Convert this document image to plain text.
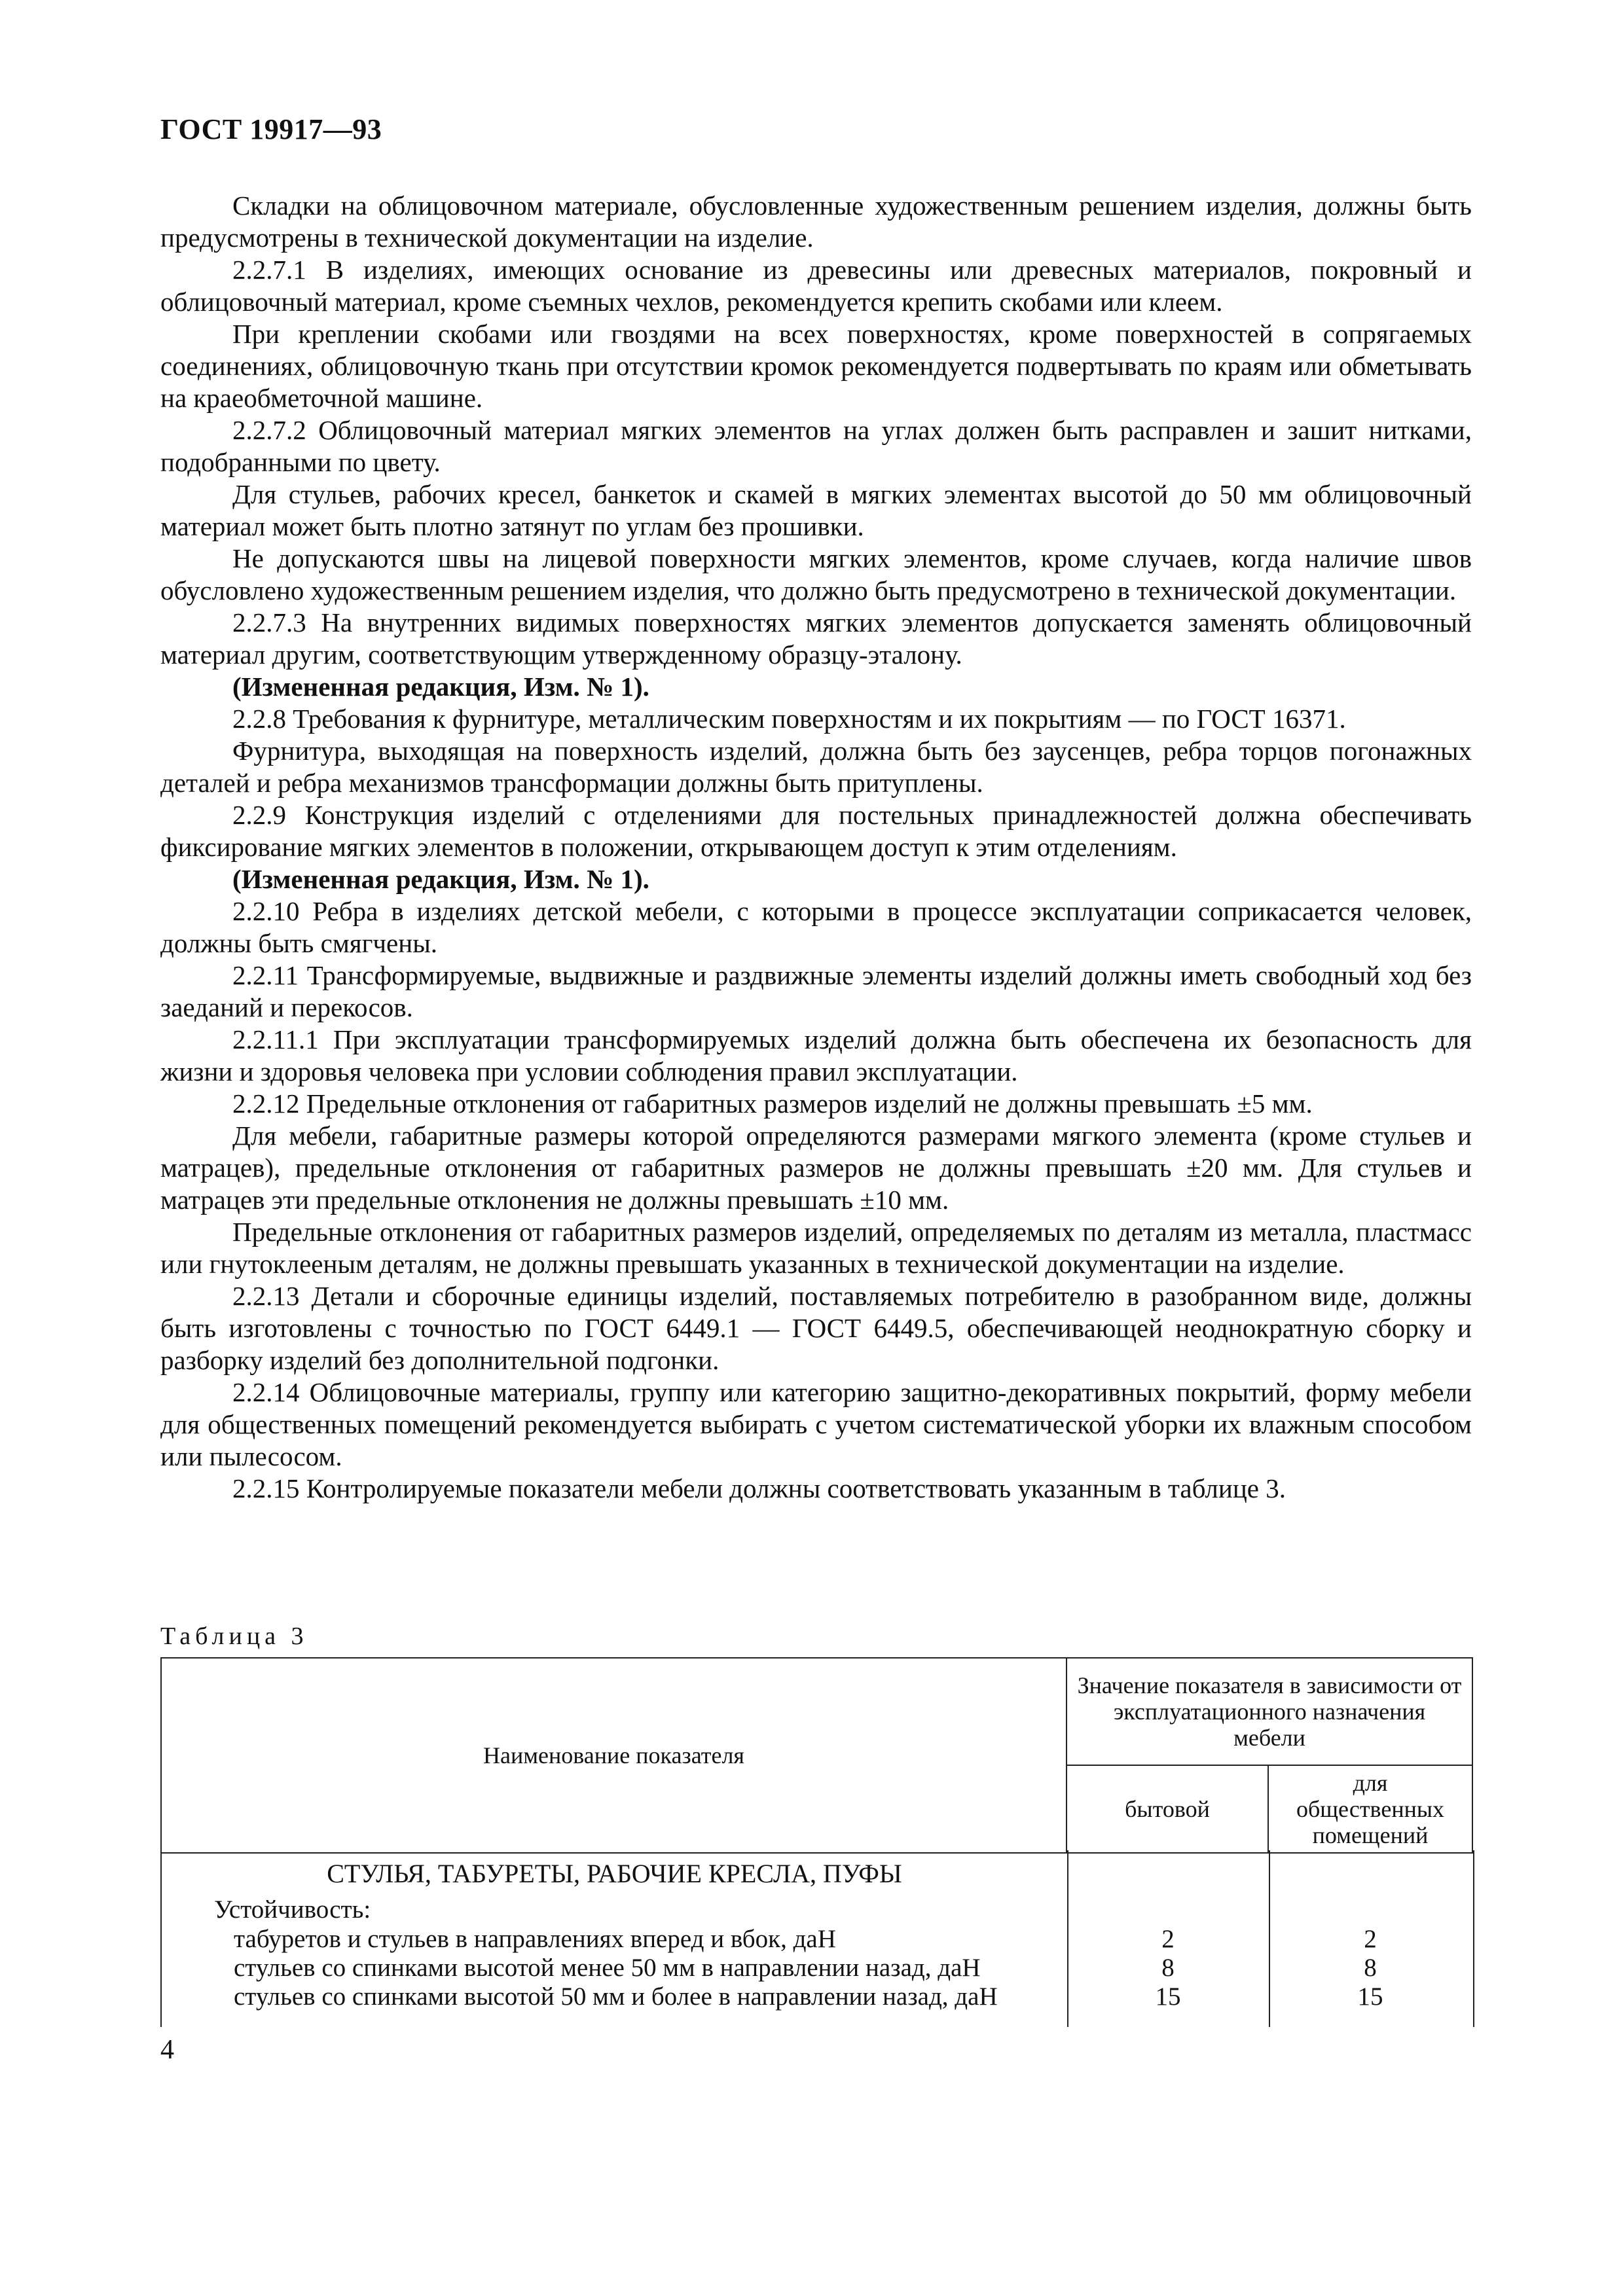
ГОСТ 19917—93

Складки на облицовочном материале, обусловленные художественным решением изделия, должны быть предусмотрены в технической документации на изделие.

2.2.7.1 В изделиях, имеющих основание из древесины или древесных материалов, покровный и облицовочный материал, кроме съемных чехлов, рекомендуется крепить скобами или клеем.

При креплении скобами или гвоздями на всех поверхностях, кроме поверхностей в сопрягаемых соединениях, облицовочную ткань при отсутствии кромок рекомендуется подвертывать по краям или обметывать на краеобметочной машине.

2.2.7.2 Облицовочный материал мягких элементов на углах должен быть расправлен и зашит нитками, подобранными по цвету.

Для стульев, рабочих кресел, банкеток и скамей в мягких элементах высотой до 50 мм облицовочный материал может быть плотно затянут по углам без прошивки.

Не допускаются швы на лицевой поверхности мягких элементов, кроме случаев, когда наличие швов обусловлено художественным решением изделия, что должно быть предусмотрено в технической документации.

2.2.7.3 На внутренних видимых поверхностях мягких элементов допускается заменять облицовочный материал другим, соответствующим утвержденному образцу-эталону.

(Измененная редакция, Изм. № 1).

2.2.8 Требования к фурнитуре, металлическим поверхностям и их покрытиям — по ГОСТ 16371.

Фурнитура, выходящая на поверхность изделий, должна быть без заусенцев, ребра торцов погонажных деталей и ребра механизмов трансформации должны быть притуплены.

2.2.9 Конструкция изделий с отделениями для постельных принадлежностей должна обеспечивать фиксирование мягких элементов в положении, открывающем доступ к этим отделениям.

(Измененная редакция, Изм. № 1).

2.2.10 Ребра в изделиях детской мебели, с которыми в процессе эксплуатации соприкасается человек, должны быть смягчены.

2.2.11 Трансформируемые, выдвижные и раздвижные элементы изделий должны иметь свободный ход без заеданий и перекосов.

2.2.11.1 При эксплуатации трансформируемых изделий должна быть обеспечена их безопасность для жизни и здоровья человека при условии соблюдения правил эксплуатации.

2.2.12 Предельные отклонения от габаритных размеров изделий не должны превышать ±5 мм.

Для мебели, габаритные размеры которой определяются размерами мягкого элемента (кроме стульев и матрацев), предельные отклонения от габаритных размеров не должны превышать ±20 мм. Для стульев и матрацев эти предельные отклонения не должны превышать ±10 мм.

Предельные отклонения от габаритных размеров изделий, определяемых по деталям из металла, пластмасс или гнутоклееным деталям, не должны превышать указанных в технической документации на изделие.

2.2.13 Детали и сборочные единицы изделий, поставляемых потребителю в разобранном виде, должны быть изготовлены с точностью по ГОСТ 6449.1 — ГОСТ 6449.5, обеспечивающей неоднократную сборку и разборку изделий без дополнительной подгонки.

2.2.14 Облицовочные материалы, группу или категорию защитно-декоративных покрытий, форму мебели для общественных помещений рекомендуется выбирать с учетом систематической уборки их влажным способом или пылесосом.

2.2.15 Контролируемые показатели мебели должны соответствовать указанным в таблице 3.

Таблица 3
Наименование показателя	Значение показателя в зависимости от эксплуатационного назначения мебели	
	бытовой	для общественных помещений
СТУЛЬЯ, ТАБУРЕТЫ, РАБОЧИЕ КРЕСЛА, ПУФЫ
Устойчивость:
табуретов и стульев в направлениях вперед и вбок, даН	2	2
стульев со спинками высотой менее 50 мм в направлении назад, даН	8	8
стульев со спинками высотой 50 мм и более в направлении назад, даН	15	15
4
